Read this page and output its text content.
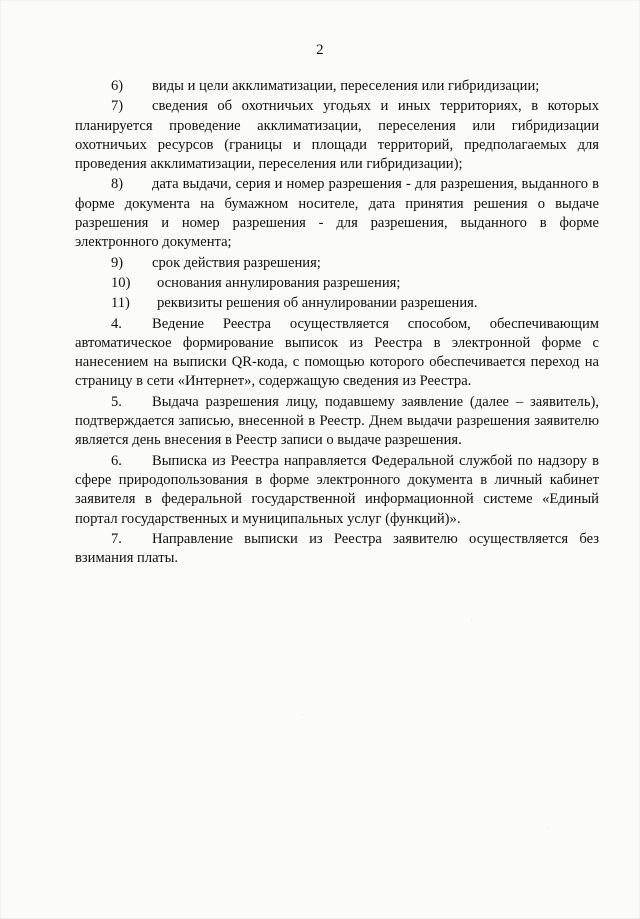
2

6) виды и цели акклиматизации, переселения или гибридизации;

7) сведения об охотничьих угодьях и иных территориях, в которых планируется проведение акклиматизации, переселения или гибридизации охотничьих ресурсов (границы и площади территорий, предполагаемых для проведения акклиматизации, переселения или гибридизации);

8) дата выдачи, серия и номер разрешения - для разрешения, выданного в форме документа на бумажном носителе, дата принятия решения о выдаче разрешения и номер разрешения - для разрешения, выданного в форме электронного документа;

9) срок действия разрешения;

10) основания аннулирования разрешения;

11) реквизиты решения об аннулировании разрешения.

4. Ведение Реестра осуществляется способом, обеспечивающим автоматическое формирование выписок из Реестра в электронной форме с нанесением на выписки QR-кода, с помощью которого обеспечивается переход на страницу в сети «Интернет», содержащую сведения из Реестра.

5. Выдача разрешения лицу, подавшему заявление (далее – заявитель), подтверждается записью, внесенной в Реестр. Днем выдачи разрешения заявителю является день внесения в Реестр записи о выдаче разрешения.

6. Выписка из Реестра направляется Федеральной службой по надзору в сфере природопользования в форме электронного документа в личный кабинет заявителя в федеральной государственной информационной системе «Единый портал государственных и муниципальных услуг (функций)».

7. Направление выписки из Реестра заявителю осуществляется без взимания платы.
